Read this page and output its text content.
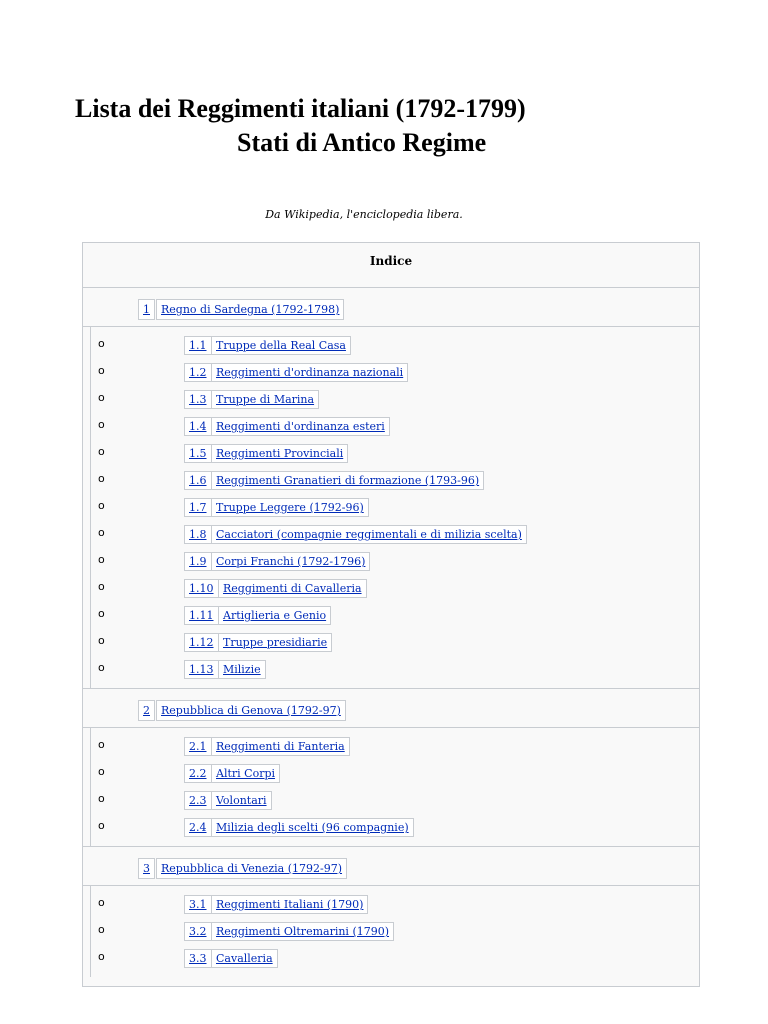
Lista dei Reggimenti italiani (1792-1799)
Stati di Antico Regime
Da Wikipedia, l'enciclopedia libera.
Indice
1	Regno di Sardegna (1792-1798)
o	1.1 Truppe della Real Casa
o	1.2 Reggimenti d'ordinanza nazionali
o	1.3 Truppe di Marina
o	1.4 Reggimenti d'ordinanza esteri
o	1.5 Reggimenti Provinciali
o	1.6 Reggimenti Granatieri di formazione (1793-96)
o	1.7 Truppe Leggere (1792-96)
o	1.8 Cacciatori (compagnie reggimentali e di milizia scelta)
o	1.9 Corpi Franchi (1792-1796)
o	1.10 Reggimenti di Cavalleria
o	1.11 Artiglieria e Genio
o	1.12 Truppe presidiarie
o	1.13 Milizie
2	Repubblica di Genova (1792-97)
o	2.1 Reggimenti di Fanteria
o	2.2 Altri Corpi
o	2.3 Volontari
o	2.4 Milizia degli scelti (96 compagnie)
3	Repubblica di Venezia (1792-97)
o	3.1 Reggimenti Italiani (1790)
o	3.2 Reggimenti Oltremarini (1790)
o	3.3 Cavalleria
